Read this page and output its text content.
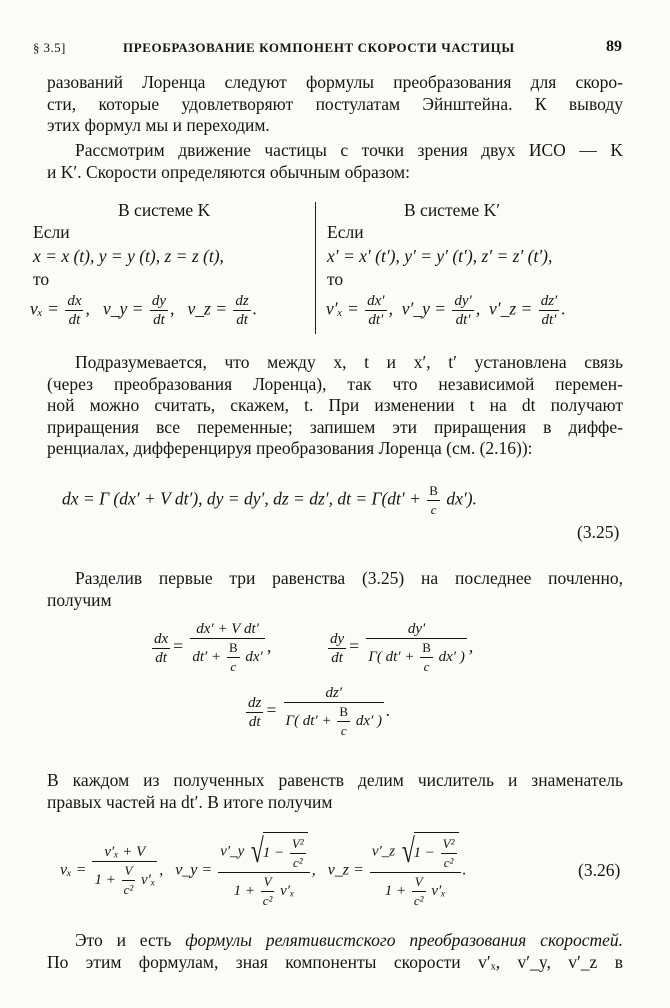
§ 3.5]	ПРЕОБРАЗОВАНИЕ КОМПОНЕНТ СКОРОСТИ ЧАСТИЦЫ	89
разований Лоренца следуют формулы преобразования для скоро-
сти, которые удовлетворяют постулатам Эйнштейна. К выводу
этих формул мы и переходим.
Рассмотрим движение частицы с точки зрения двух ИСО — K
и K′. Скорости определяются обычным образом:
В системе K	В системе K′
Если	Если
x = x (t), y = y (t), z = z (t),	x′ = x′ (t′), y′ = y′ (t′), z′ = z′ (t′),
то	то
$v_x = \frac{dx}{dt}$ ,   v_y = $\frac{dy}{dt}$ ,   v_z = $\frac{dz}{dt}$ .	$v'_x = \frac{dx'}{dt'}$ ,  v′_y = $\frac{dy'}{dt'}$ ,  v′_z = $\frac{dz'}{dt'}$ .
Подразумевается, что между x, t и x′, t′ установлена связь
(через преобразования Лоренца), так что независимой перемен-
ной можно считать, скажем, t. При изменении t на dt получают
приращения все переменные; запишем эти приращения в диффе-
ренциалах, дифференцируя преобразования Лоренца (см. (2.16)):
dx = Γ (dx′ + V dt′), dy = dy′, dz = dz′, dt = $\Gamma(dt' + \frac{B}{c} dx')$.
(3.25)
Разделив первые три равенства (3.25) на последнее почленно,
получим
$\frac{dx}{dt} = \frac{\text{dx′ + V dt′}}{dt' + \frac{B}{c} dx'}$ ,	$\frac{dy}{dt} = \frac{dy'}{\Gamma( dt' + \frac{B}{c} dx' )}$ ,
$\frac{dz}{dt} = \frac{dz'}{\Gamma( dt' + \frac{B}{c} dx' )}$ .
В каждом из полученных равенств делим числитель и знаменатель
правых частей на dt′. В итоге получим
$v_x = \frac{\text{v′ₓ + V}}{1 + \frac{V}{\text{c²}} v'_x}$ ,   v_y = $\frac{v'\_y √1 - \frac{\text{V²}}{\text{c²}}}{1 + \frac{V}{\text{c²}} v'_x}$ ,   v_z = $\frac{v'\_z √1 - \frac{\text{V²}}{\text{c²}}}{1 + \frac{V}{\text{c²}} v'_x}$ .	(3.26)
Это и есть формулы релятивистского преобразования скоростей.
По этим формулам, зная компоненты скорости v′ₓ, v′_y, v′_z в
